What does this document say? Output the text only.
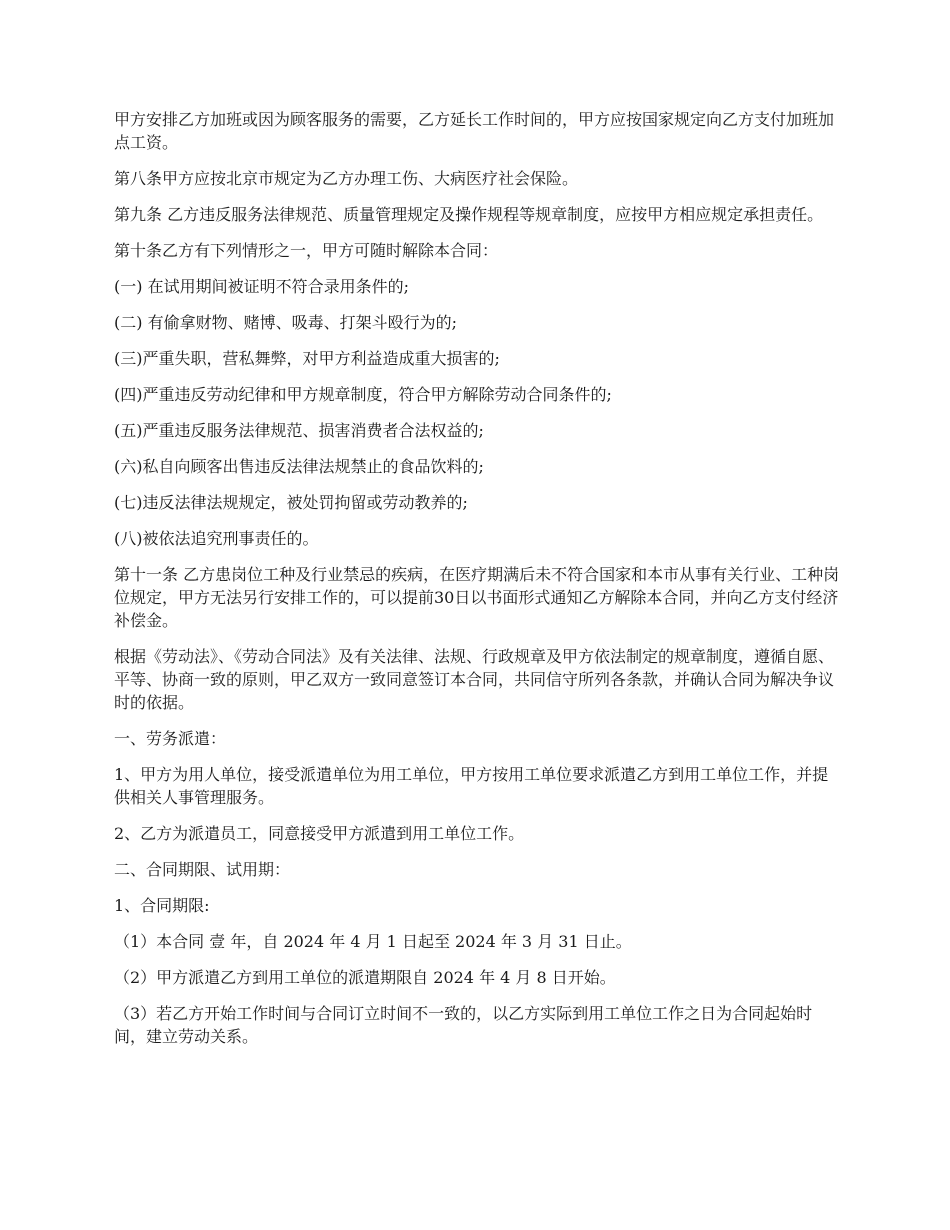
甲方安排乙方加班或因为顾客服务的需要，乙方延长工作时间的，甲方应按国家规定向乙方支付加班加点工资。

第八条甲方应按北京市规定为乙方办理工伤、大病医疗社会保险。

第九条 乙方违反服务法律规范、质量管理规定及操作规程等规章制度，应按甲方相应规定承担责任。

第十条乙方有下列情形之一，甲方可随时解除本合同：

(一) 在试用期间被证明不符合录用条件的;

(二) 有偷拿财物、赌博、吸毒、打架斗殴行为的;

(三)严重失职，营私舞弊，对甲方利益造成重大损害的;

(四)严重违反劳动纪律和甲方规章制度，符合甲方解除劳动合同条件的;

(五)严重违反服务法律规范、损害消费者合法权益的;

(六)私自向顾客出售违反法律法规禁止的食品饮料的;

(七)违反法律法规规定，被处罚拘留或劳动教养的;

(八)被依法追究刑事责任的。

第十一条 乙方患岗位工种及行业禁忌的疾病，在医疗期满后未不符合国家和本市从事有关行业、工种岗位规定，甲方无法另行安排工作的，可以提前30日以书面形式通知乙方解除本合同，并向乙方支付经济补偿金。

根据《劳动法》、《劳动合同法》及有关法律、法规、行政规章及甲方依法制定的规章制度，遵循自愿、平等、协商一致的原则，甲乙双方一致同意签订本合同，共同信守所列各条款，并确认合同为解决争议时的依据。

一、劳务派遣：

1、甲方为用人单位，接受派遣单位为用工单位，甲方按用工单位要求派遣乙方到用工单位工作，并提供相关人事管理服务。

2、乙方为派遣员工，同意接受甲方派遣到用工单位工作。

二、合同期限、试用期：

1、合同期限:

（1）本合同 壹 年，自 2024 年 4 月 1 日起至 2024 年 3 月 31 日止。

（2）甲方派遣乙方到用工单位的派遣期限自 2024 年 4 月 8 日开始。

（3）若乙方开始工作时间与合同订立时间不一致的，以乙方实际到用工单位工作之日为合同起始时间，建立劳动关系。
